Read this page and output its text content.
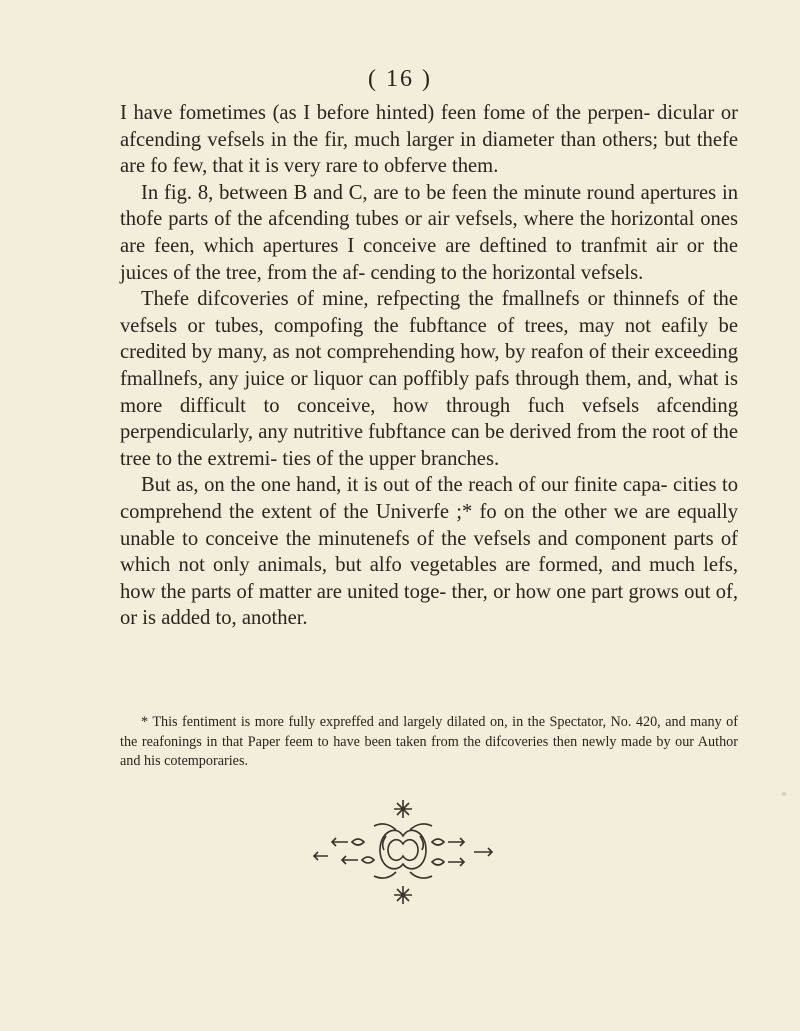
( 16 )

I have fometimes (as I before hinted) feen fome of the perpen- dicular or afcending vefsels in the fir, much larger in diameter than others; but thefe are fo few, that it is very rare to obferve them.

In fig. 8, between B and C, are to be feen the minute round apertures in thofe parts of the afcending tubes or air vefsels, where the horizontal ones are feen, which apertures I conceive are deftined to tranfmit air or the juices of the tree, from the af- cending to the horizontal vefsels.

Thefe difcoveries of mine, refpecting the fmallnefs or thinnefs of the vefsels or tubes, compofing the fubftance of trees, may not eafily be credited by many, as not comprehending how, by reafon of their exceeding fmallnefs, any juice or liquor can poffibly pafs through them, and, what is more difficult to conceive, how through fuch vefsels afcending perpendicularly, any nutritive fubftance can be derived from the root of the tree to the extremi- ties of the upper branches.

But as, on the one hand, it is out of the reach of our finite capa- cities to comprehend the extent of the Univerfe ;* fo on the other we are equally unable to conceive the minutenefs of the vefsels and component parts of which not only animals, but alfo vegetables are formed, and much lefs, how the parts of matter are united toge- ther, or how one part grows out of, or is added to, another.

* This fentiment is more fully expreffed and largely dilated on, in the Spectator, No. 420, and many of the reafonings in that Paper feem to have been taken from the difcoveries then newly made by our Author and his cotemporaries.
